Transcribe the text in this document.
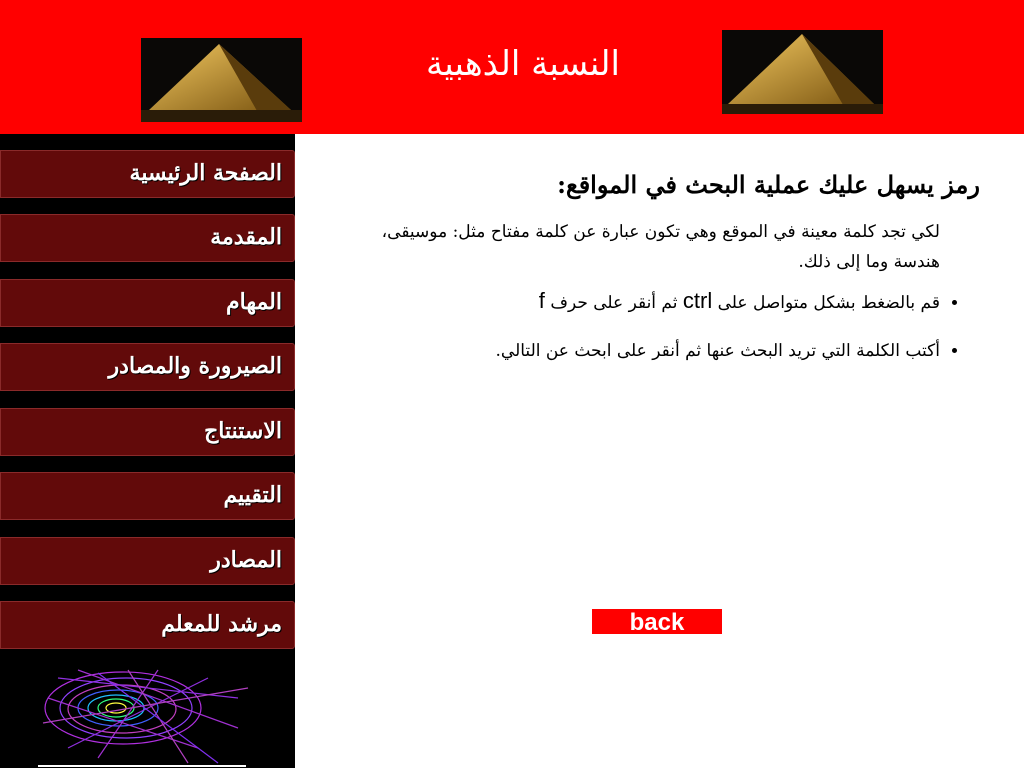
النسبة الذهبية
الصفحة الرئيسية
المقدمة
المهام
الصيرورة والمصادر
الاستنتاج
التقييم
المصادر
مرشد للمعلم
رمز يسهل عليك عملية البحث في المواقع:

لكي تجد كلمة معينة في الموقع وهي تكون عبارة عن كلمة مفتاح مثل: موسيقى، هندسة وما إلى ذلك.

• قم بالضغط بشكل متواصل على ctrl ثم أنقر على حرف f
• أكتب الكلمة التي تريد البحث عنها ثم أنقر على ابحث عن التالي.
back
